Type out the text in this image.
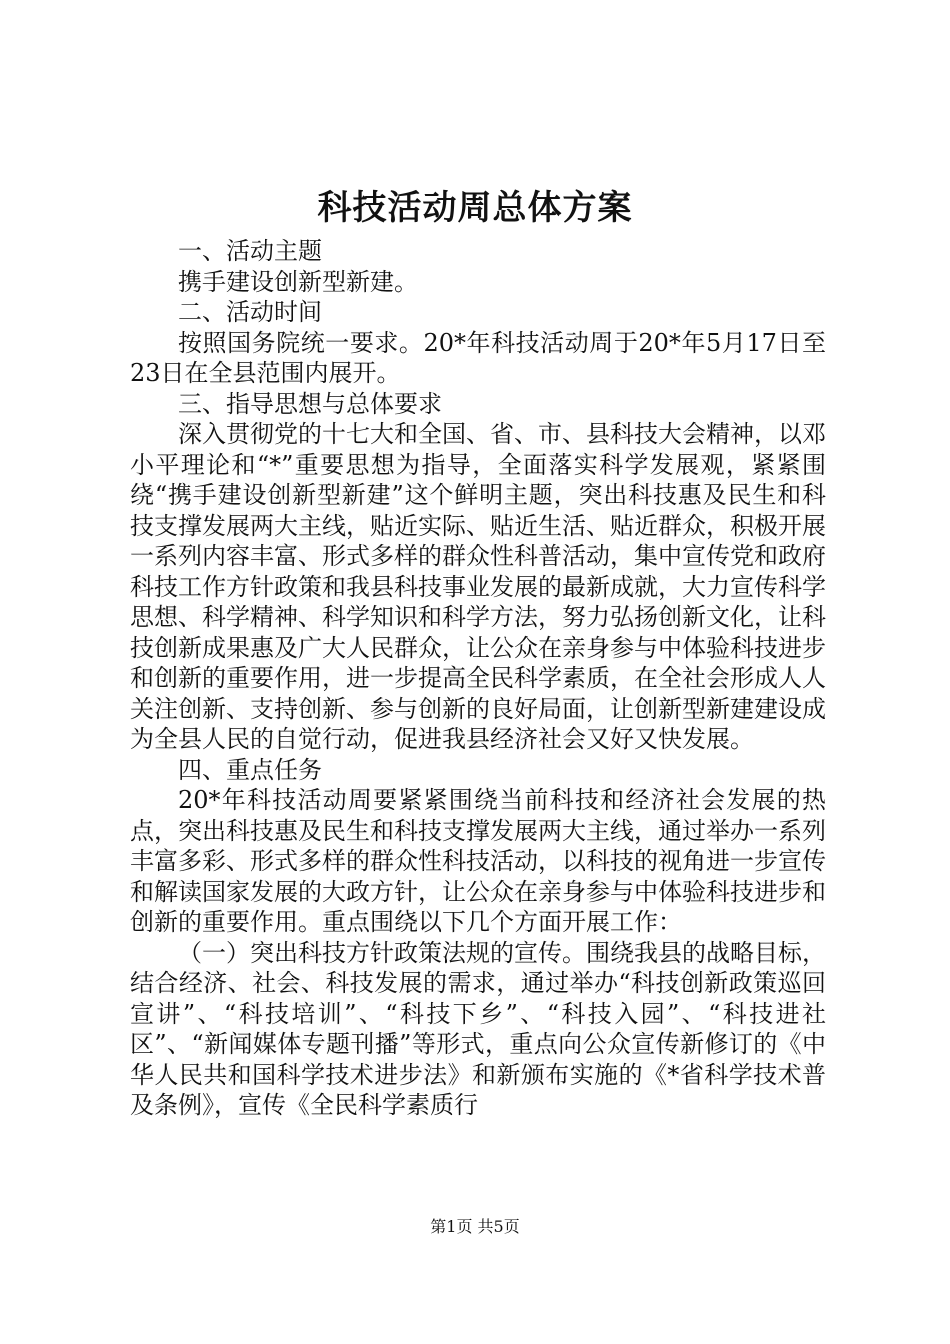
科技活动周总体方案

一、活动主题

携手建设创新型新建。

二、活动时间

按照国务院统一要求。20*年科技活动周于20*年5月17日至23日在全县范围内展开。

三、指导思想与总体要求

深入贯彻党的十七大和全国、省、市、县科技大会精神，以邓小平理论和“*”重要思想为指导，全面落实科学发展观，紧紧围绕“携手建设创新型新建”这个鲜明主题，突出科技惠及民生和科技支撑发展两大主线，贴近实际、贴近生活、贴近群众，积极开展一系列内容丰富、形式多样的群众性科普活动，集中宣传党和政府科技工作方针政策和我县科技事业发展的最新成就，大力宣传科学思想、科学精神、科学知识和科学方法，努力弘扬创新文化，让科技创新成果惠及广大人民群众，让公众在亲身参与中体验科技进步和创新的重要作用，进一步提高全民科学素质，在全社会形成人人关注创新、支持创新、参与创新的良好局面，让创新型新建建设成为全县人民的自觉行动，促进我县经济社会又好又快发展。

四、重点任务

20*年科技活动周要紧紧围绕当前科技和经济社会发展的热点，突出科技惠及民生和科技支撑发展两大主线，通过举办一系列丰富多彩、形式多样的群众性科技活动，以科技的视角进一步宣传和解读国家发展的大政方针，让公众在亲身参与中体验科技进步和创新的重要作用。重点围绕以下几个方面开展工作：

（一）突出科技方针政策法规的宣传。围绕我县的战略目标，结合经济、社会、科技发展的需求，通过举办“科技创新政策巡回宣讲”、“科技培训”、“科技下乡”、“科技入园”、“科技进社区”、“新闻媒体专题刊播”等形式，重点向公众宣传新修订的《中华人民共和国科学技术进步法》和新颁布实施的《*省科学技术普及条例》，宣传《全民科学素质行

第1页 共5页
